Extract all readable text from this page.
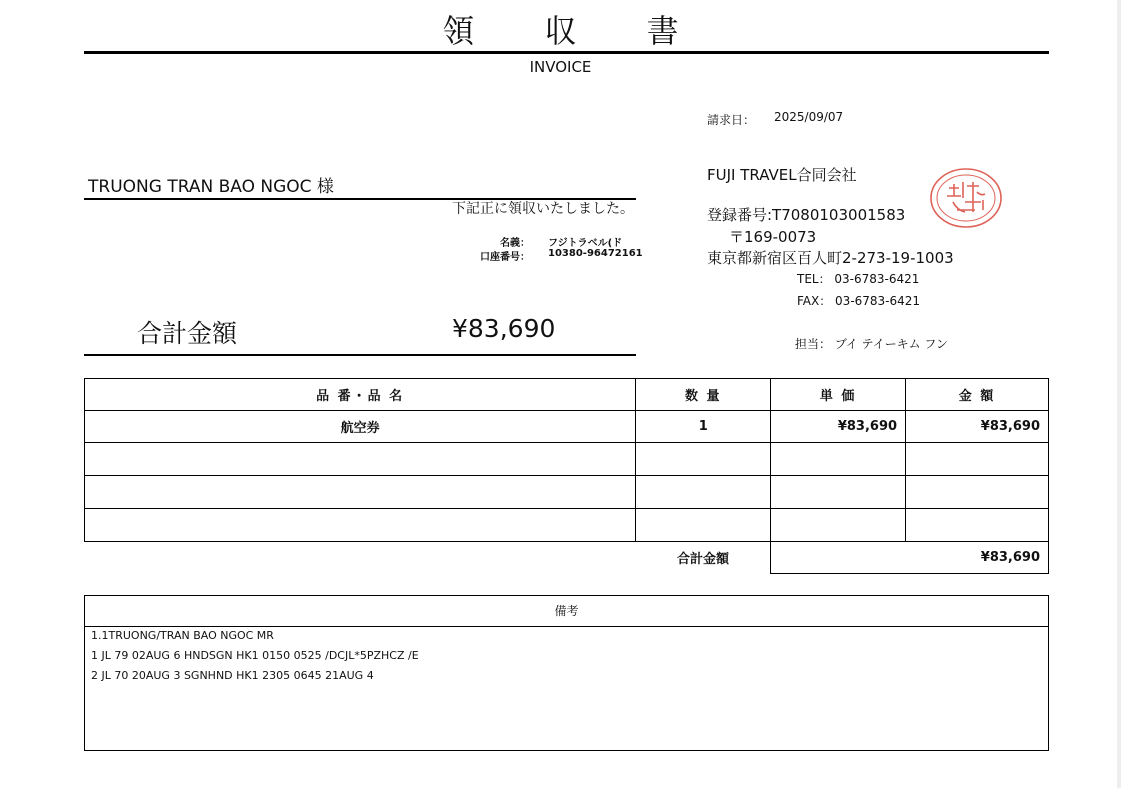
領 収 書
INVOICE
請求日： 2025/09/07
TRUONG TRAN BAO NGOC 様
下記正に領収いたしました。
名義： フジトラベル(ド
口座番号： 10380-96472161
FUJI TRAVEL合同会社
登録番号:T7080103001583
〒169-0073
東京都新宿区百人町2-273-19-1003
TEL： 03-6783-6421
FAX： 03-6783-6421
担当： ブイ テイーキム フン
合計金額	¥83,690
品 番・品 名	数 量	単 価	金 額
航空券	1	¥83,690	¥83,690

	合計金額	¥83,690	
備考
1.1TRUONG/TRAN BAO NGOC MR
1 JL 79 02AUG 6 HNDSGN HK1 0150 0525 /DCJL*5PZHCZ /E
2 JL 70 20AUG 3 SGNHND HK1 2305 0645 21AUG 4
